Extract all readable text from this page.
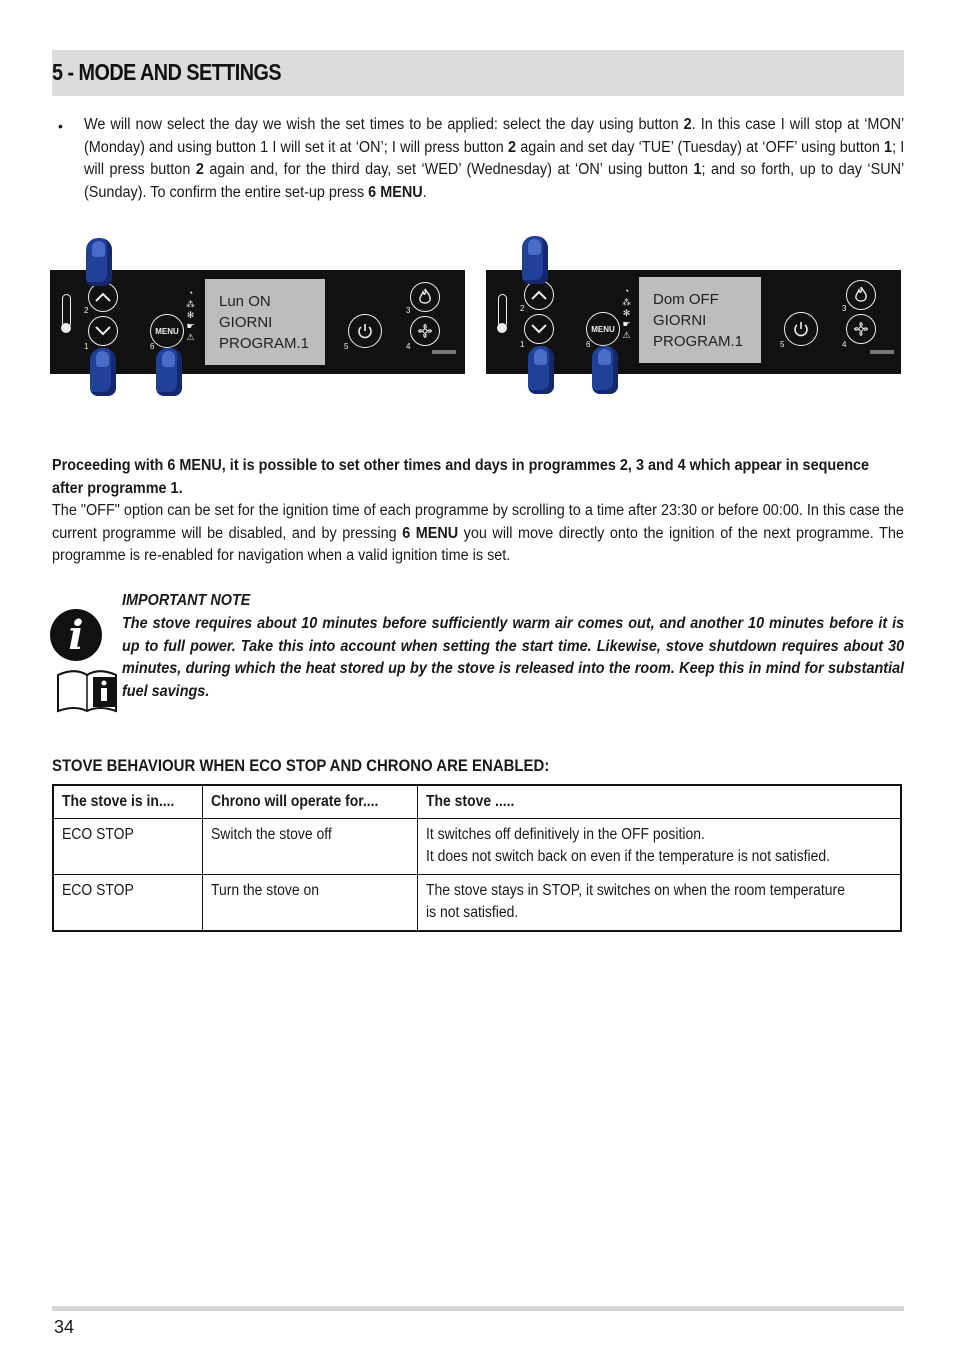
5 - MODE AND SETTINGS
• We will now select the day we wish the set times to be applied: select the day using button 2. In this case I will stop at ‘MON’ (Monday) and using button 1 I will set it at ‘ON’; I will press button 2 again and set day ‘TUE’ (Tuesday) at ‘OFF’ using button 1; I will press button 2 again and, for the third day, set ‘WED’ (Wednesday) at ‘ON’ using button 1; and so forth, up to day ‘SUN’ (Sunday). To confirm the entire set-up press 6 MENU.
2
1
MENU
6
◔
⁂
✻
☛
⚠
Lun ON
GIORNI
PROGRAM.1	5
3
4
2
1
MENU
6
◔
⁂
✻
☛
⚠
Dom OFF
GIORNI
PROGRAM.1	5
3
4
Proceeding with 6 MENU, it is possible to set other times and days in programmes 2, 3 and 4 which appear in sequence after programme 1.
The "OFF" option can be set for the ignition time of each programme by scrolling to a time after 23:30 or before 00:00. In this case the current programme will be disabled, and by pressing 6 MENU you will move directly onto the ignition of the next programme. The programme is re-enabled for navigation when a valid ignition time is set.
i
IMPORTANT NOTE
The stove requires about 10 minutes before sufficiently warm air comes out, and another 10 minutes before it is up to full power. Take this into account when setting the start time. Likewise, stove shutdown requires about 30 minutes, during which the heat stored up by the stove is released into the room. Keep this in mind for substantial fuel savings.
STOVE BEHAVIOUR WHEN ECO STOP AND CHRONO ARE ENABLED:
The stove is in....	Chrono will operate for....	The stove .....
ECO STOP	Switch the stove off	It switches off definitively in the OFF position.
It does not switch back on even if the temperature is not satisfied.
ECO STOP	Turn the stove on	The stove stays in STOP, it switches on when the room temperature
is not satisfied.
34
